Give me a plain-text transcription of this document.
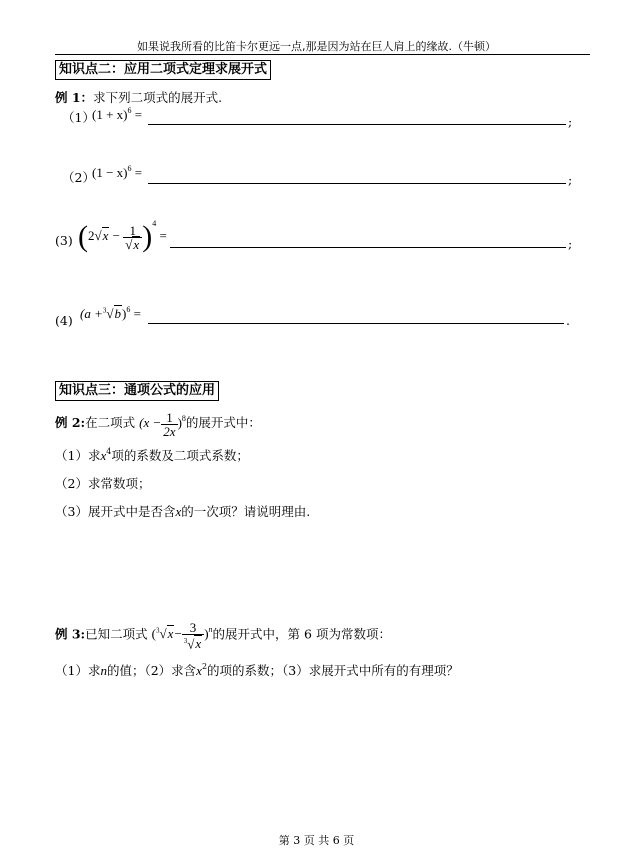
如果说我所看的比笛卡尔更远一点,那是因为站在巨人肩上的缘故.（牛顿）
知识点二：应用二项式定理求展开式
例 1：求下列二项式的展开式.
（1）
$(1 + x)^6$ =	;
（2）
$(1 - x)^6$ =	;
(3) $(2√x - \frac{1}{√x} )^4$ =
;
(4) $(a +^3√b)^6$ =	.
知识点三：通项公式的应用
例 2:在二项式 $(x - \frac{1}{2x} )^8$的展开式中：
（1）求$x^4$项的系数及二项式系数；
（2）求常数项；
（3）展开式中是否含x的一次项？请说明理由.
例 3:已知二项式 $(^3√x- \frac{3}{^3√x} )^n$的展开式中，第 6 项为常数项：
（1）求n的值；（2）求含$x^2$的项的系数；（3）求展开式中所有的有理项？
第 3 页 共 6 页
